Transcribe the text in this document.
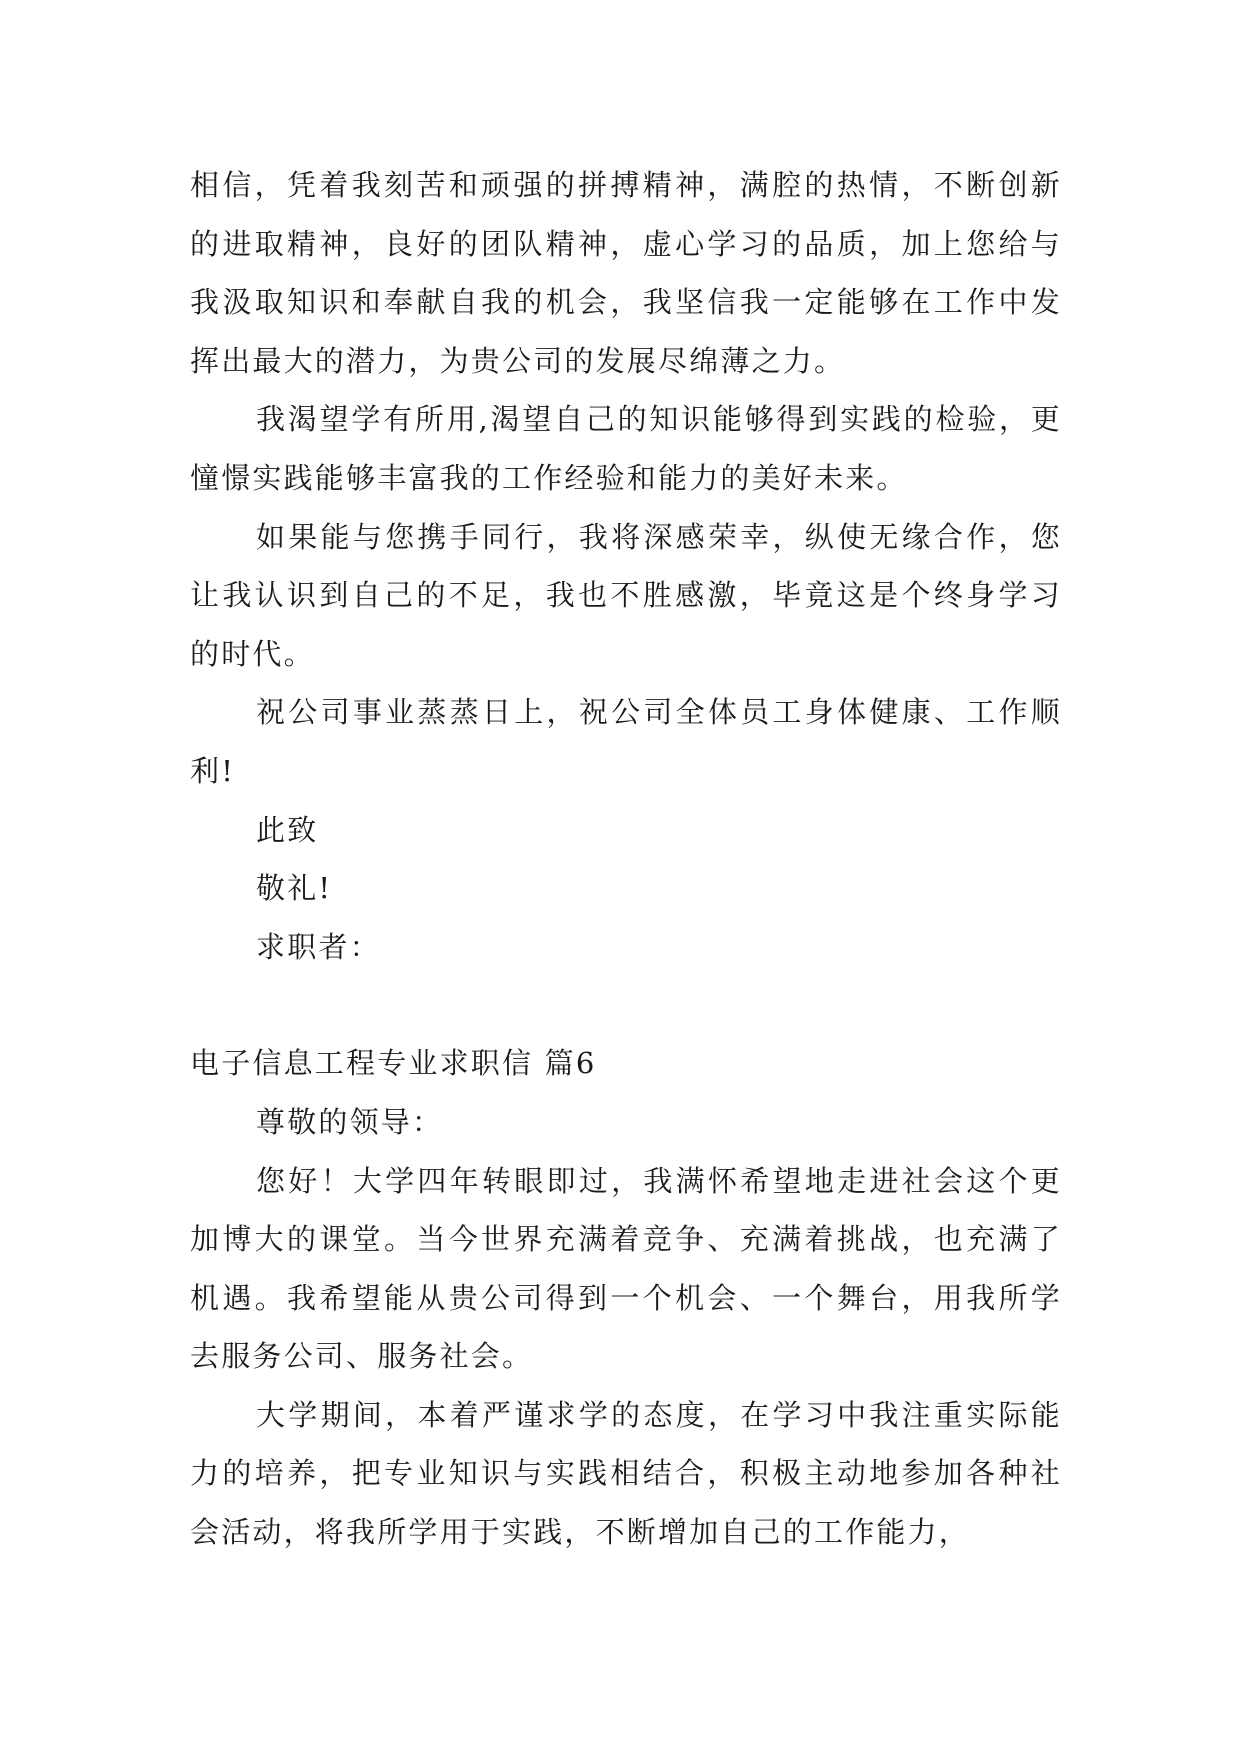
相信，凭着我刻苦和顽强的拼搏精神，满腔的热情，不断创新的进取精神，良好的团队精神，虚心学习的品质，加上您给与我汲取知识和奉献自我的机会，我坚信我一定能够在工作中发挥出最大的潜力，为贵公司的发展尽绵薄之力。

我渴望学有所用,渴望自己的知识能够得到实践的检验，更憧憬实践能够丰富我的工作经验和能力的美好未来。

如果能与您携手同行，我将深感荣幸，纵使无缘合作，您让我认识到自己的不足，我也不胜感激，毕竟这是个终身学习的时代。

祝公司事业蒸蒸日上，祝公司全体员工身体健康、工作顺利!

此致

敬礼!

求职者：

电子信息工程专业求职信 篇6

尊敬的领导：

您好！大学四年转眼即过，我满怀希望地走进社会这个更加博大的课堂。当今世界充满着竞争、充满着挑战，也充满了机遇。我希望能从贵公司得到一个机会、一个舞台，用我所学去服务公司、服务社会。

大学期间，本着严谨求学的态度，在学习中我注重实际能力的培养，把专业知识与实践相结合，积极主动地参加各种社会活动，将我所学用于实践，不断增加自己的工作能力，
